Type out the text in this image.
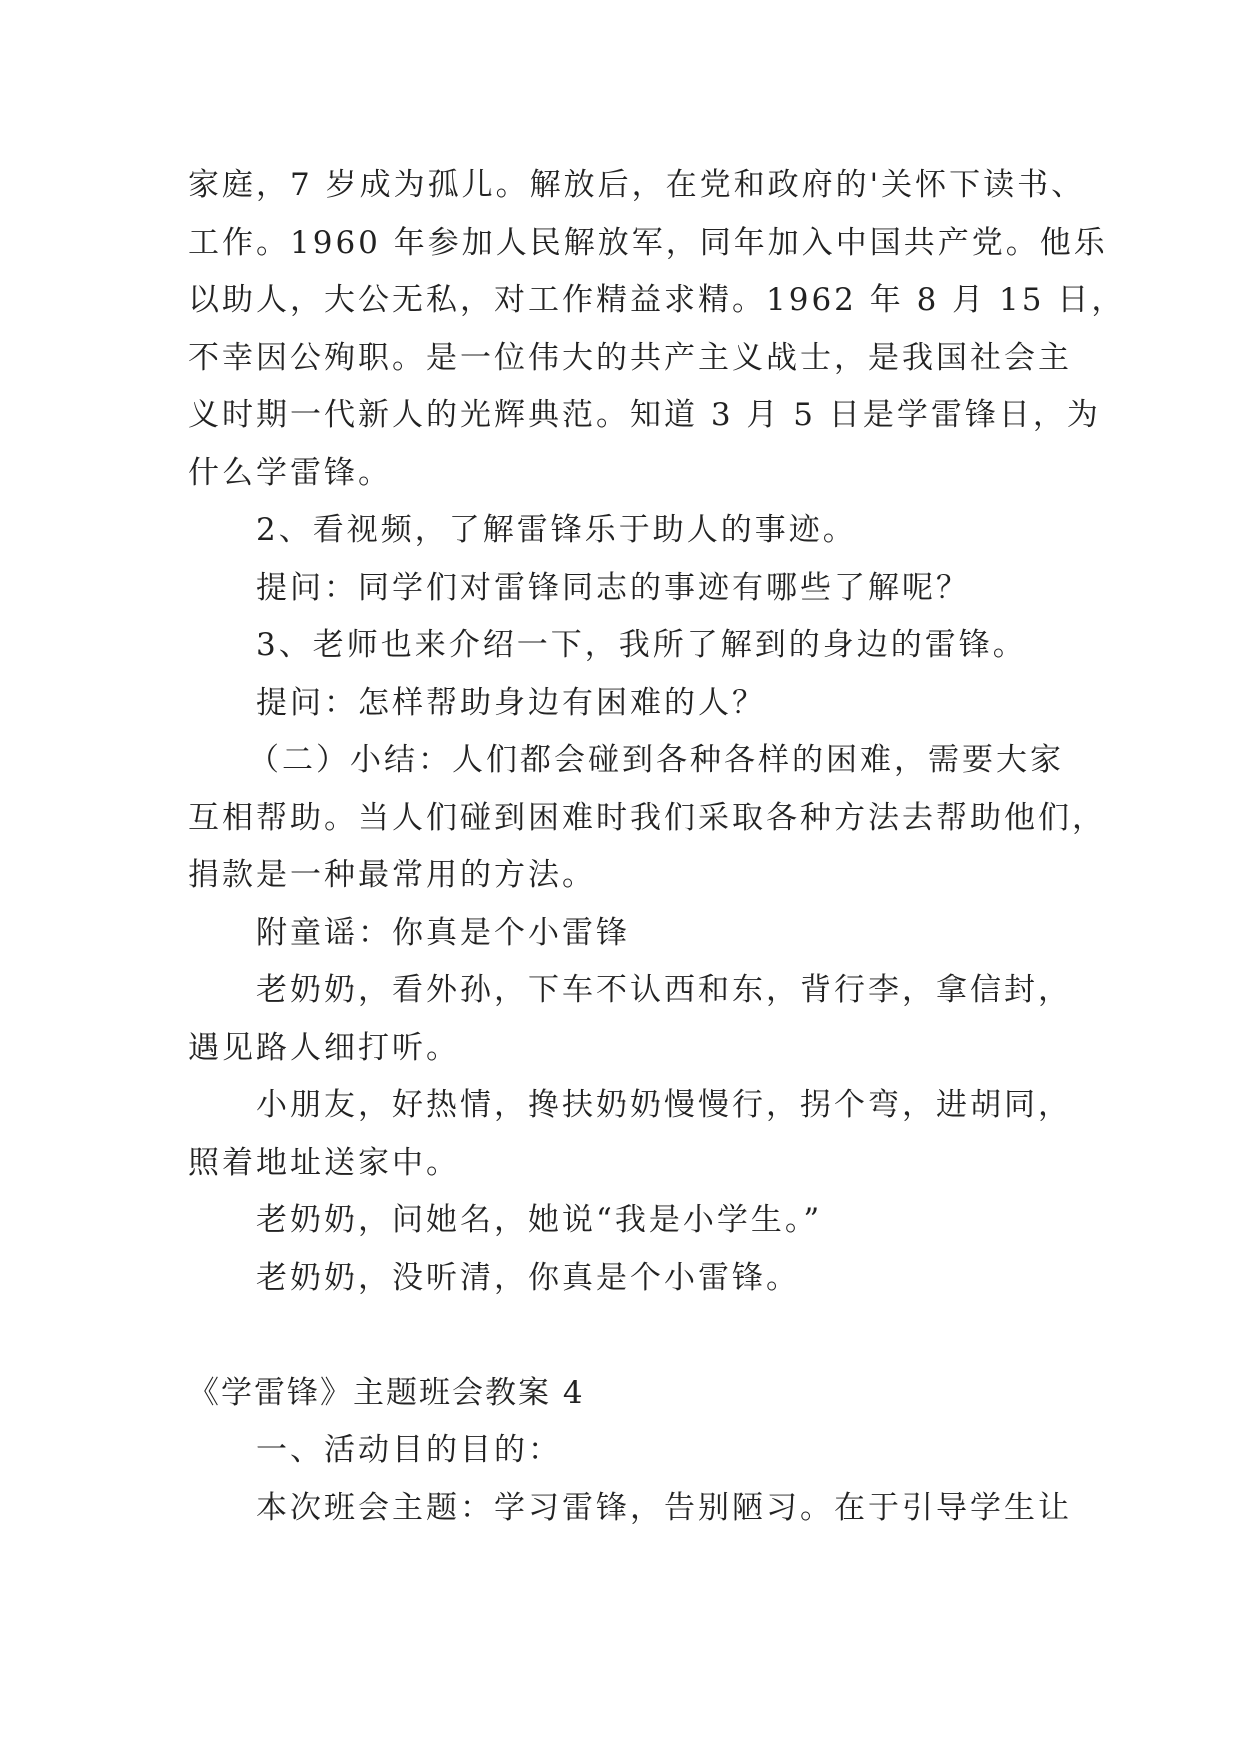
家庭，7 岁成为孤儿。解放后，在党和政府的'关怀下读书、
工作。1960 年参加人民解放军，同年加入中国共产党。他乐
以助人，大公无私，对工作精益求精。1962 年 8 月 15 日，
不幸因公殉职。是一位伟大的共产主义战士，是我国社会主
义时期一代新人的光辉典范。知道 3 月 5 日是学雷锋日，为
什么学雷锋。
2、看视频，了解雷锋乐于助人的事迹。
提问：同学们对雷锋同志的事迹有哪些了解呢？
3、老师也来介绍一下，我所了解到的身边的雷锋。
提问：怎样帮助身边有困难的人？
（二）小结：人们都会碰到各种各样的困难，需要大家
互相帮助。当人们碰到困难时我们采取各种方法去帮助他们，
捐款是一种最常用的方法。
附童谣：你真是个小雷锋
老奶奶，看外孙，下车不认西和东，背行李，拿信封，
遇见路人细打听。
小朋友，好热情，搀扶奶奶慢慢行，拐个弯，进胡同，
照着地址送家中。
老奶奶，问她名，她说“我是小学生。”
老奶奶，没听清，你真是个小雷锋。
《学雷锋》主题班会教案 4
一、活动目的目的：
本次班会主题：学习雷锋，告别陋习。在于引导学生让
